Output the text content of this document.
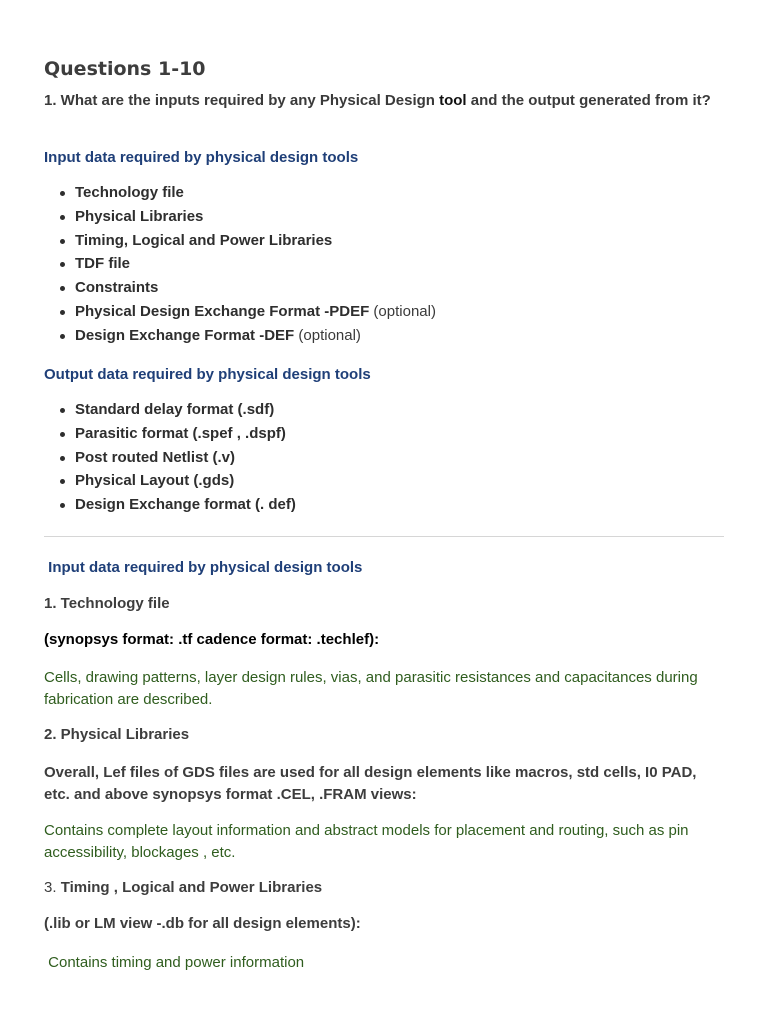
Questions 1-10
1. What are the inputs required by any Physical Design tool and the output generated from it?
Input data required by physical design tools
Technology file
Physical Libraries
Timing, Logical and Power Libraries
TDF file
Constraints
Physical Design Exchange Format -PDEF (optional)
Design Exchange Format -DEF (optional)
Output data required by physical design tools
Standard delay format (.sdf)
Parasitic format (.spef , .dspf)
Post routed Netlist (.v)
Physical Layout (.gds)
Design Exchange format (. def)
Input data required by physical design tools
1. Technology file
(synopsys format: .tf cadence format: .techlef):
Cells, drawing patterns, layer design rules, vias, and parasitic resistances and capacitances during fabrication are described.
2. Physical Libraries
Overall, Lef files of GDS files are used for all design elements like macros, std cells, I0 PAD, etc. and above synopsys format .CEL, .FRAM views:
Contains complete layout information and abstract models for placement and routing, such as pin accessibility, blockages , etc.
3. Timing , Logical and Power Libraries
(.lib or LM view -.db for all design elements):
Contains timing and power information
